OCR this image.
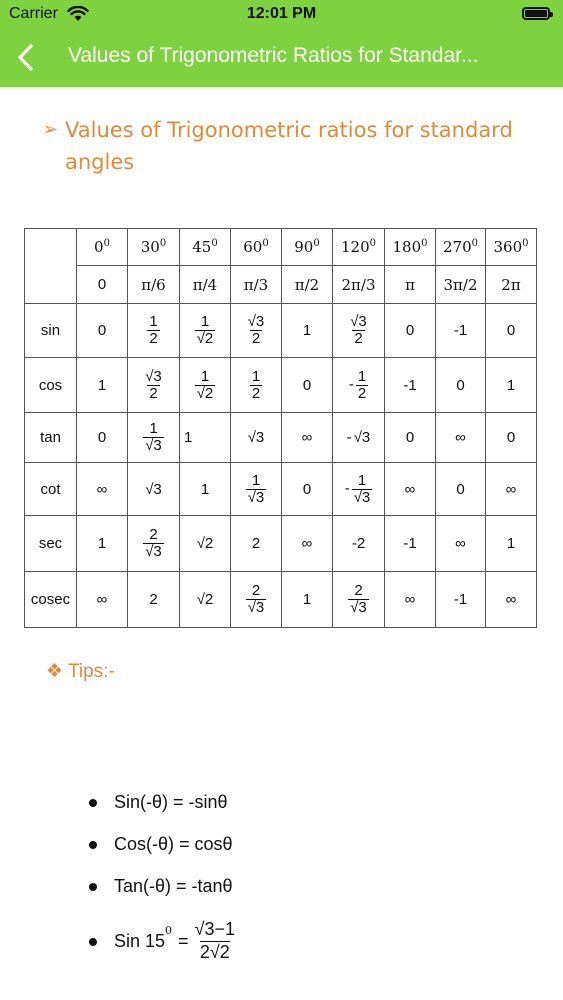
Carrier	12:01 PM
Values of Trigonometric Ratios for Standar...
➢ Values of Trigonometric ratios for standard angles
	$0^0$	$30^0$	$45^0$	$60^0$	$90^0$	$120^0$	$180^0$	$270^0$	$360^0$
	0	π/6	π/4	π/3	π/2	2π/3	π	3π/2	2π
sin	0	$\frac{1}{2}$	$\frac{1}{√2}$	$\frac{√3}{2}$	1	$\frac{√3}{2}$	0	-1	0
cos	1	$\frac{√3}{2}$	$\frac{1}{√2}$	$\frac{1}{2}$	0	- $\frac{1}{2}$	-1	0	1
tan	0	$\frac{1}{√3}$	1	√3	∞	- √3	0	∞	0
cot	∞	√3	1	$\frac{1}{√3}$	0	- $\frac{1}{√3}$	∞	0	∞
sec	1	$\frac{2}{√3}$	√2	2	∞	-2	-1	∞	1
cosec	∞	2	√2	$\frac{2}{√3}$	1	$\frac{2}{√3}$	∞	-1	∞
❖ Tips:-
Sin(-θ) = -sinθ
Cos(-θ) = cosθ
Tan(-θ) = -tanθ
Sin $15^0 = \frac{√3-1}{2√2}$
